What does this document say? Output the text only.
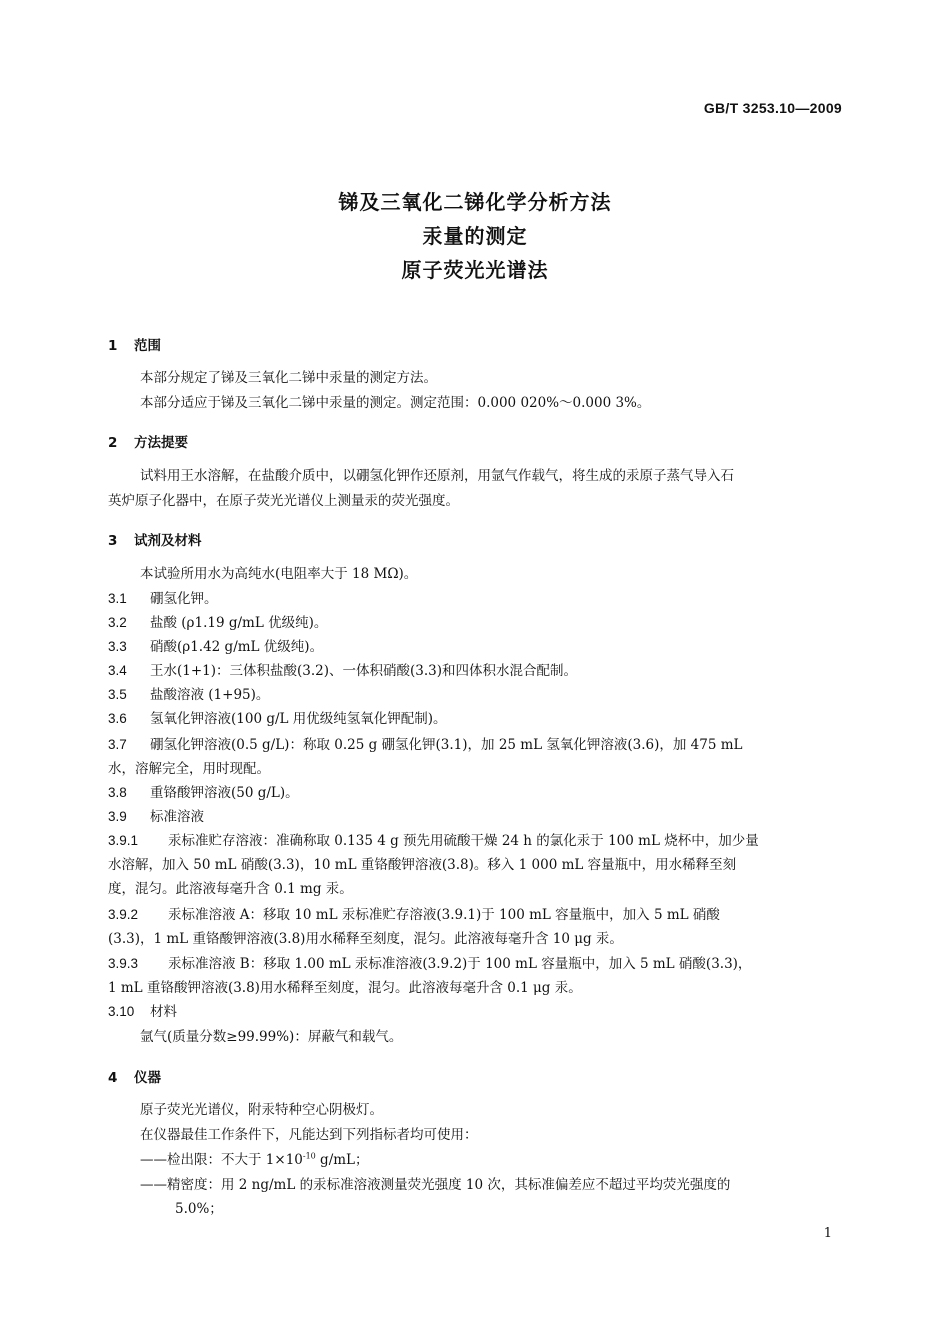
GB/T 3253.10—2009
锑及三氧化二锑化学分析方法
汞量的测定
原子荧光光谱法
1 范围
本部分规定了锑及三氧化二锑中汞量的测定方法。
本部分适应于锑及三氧化二锑中汞量的测定。测定范围：0.000 020%～0.000 3%。
2 方法提要
试料用王水溶解，在盐酸介质中，以硼氢化钾作还原剂，用氩气作载气，将生成的汞原子蒸气导入石
英炉原子化器中，在原子荧光光谱仪上测量汞的荧光强度。
3 试剂及材料
本试验所用水为高纯水(电阻率大于 18 MΩ)。
3.1 硼氢化钾。
3.2 盐酸 (ρ1.19 g/mL 优级纯)。
3.3 硝酸(ρ1.42 g/mL 优级纯)。
3.4 王水(1+1)：三体积盐酸(3.2)、一体积硝酸(3.3)和四体积水混合配制。
3.5 盐酸溶液 (1+95)。
3.6 氢氧化钾溶液(100 g/L 用优级纯氢氧化钾配制)。
3.7 硼氢化钾溶液(0.5 g/L)：称取 0.25 g 硼氢化钾(3.1)，加 25 mL 氢氧化钾溶液(3.6)，加 475 mL
水，溶解完全，用时现配。
3.8 重铬酸钾溶液(50 g/L)。
3.9 标准溶液
3.9.1 汞标准贮存溶液：准确称取 0.135 4 g 预先用硫酸干燥 24 h 的氯化汞于 100 mL 烧杯中，加少量
水溶解，加入 50 mL 硝酸(3.3)，10 mL 重铬酸钾溶液(3.8)。移入 1 000 mL 容量瓶中，用水稀释至刻
度，混匀。此溶液每毫升含 0.1 mg 汞。
3.9.2 汞标准溶液 A：移取 10 mL 汞标准贮存溶液(3.9.1)于 100 mL 容量瓶中，加入 5 mL 硝酸
(3.3)，1 mL 重铬酸钾溶液(3.8)用水稀释至刻度，混匀。此溶液每毫升含 10 μg 汞。
3.9.3 汞标准溶液 B：移取 1.00 mL 汞标准溶液(3.9.2)于 100 mL 容量瓶中，加入 5 mL 硝酸(3.3)，
1 mL 重铬酸钾溶液(3.8)用水稀释至刻度，混匀。此溶液每毫升含 0.1 μg 汞。
3.10 材料
氩气(质量分数≥99.99%)：屏蔽气和载气。
4 仪器
原子荧光光谱仪，附汞特种空心阴极灯。
在仪器最佳工作条件下，凡能达到下列指标者均可使用：
——检出限：不大于 $1\times 10^{-10}$ g/mL；
——精密度：用 2 ng/mL 的汞标准溶液测量荧光强度 10 次，其标准偏差应不超过平均荧光强度的
5.0%；
1
